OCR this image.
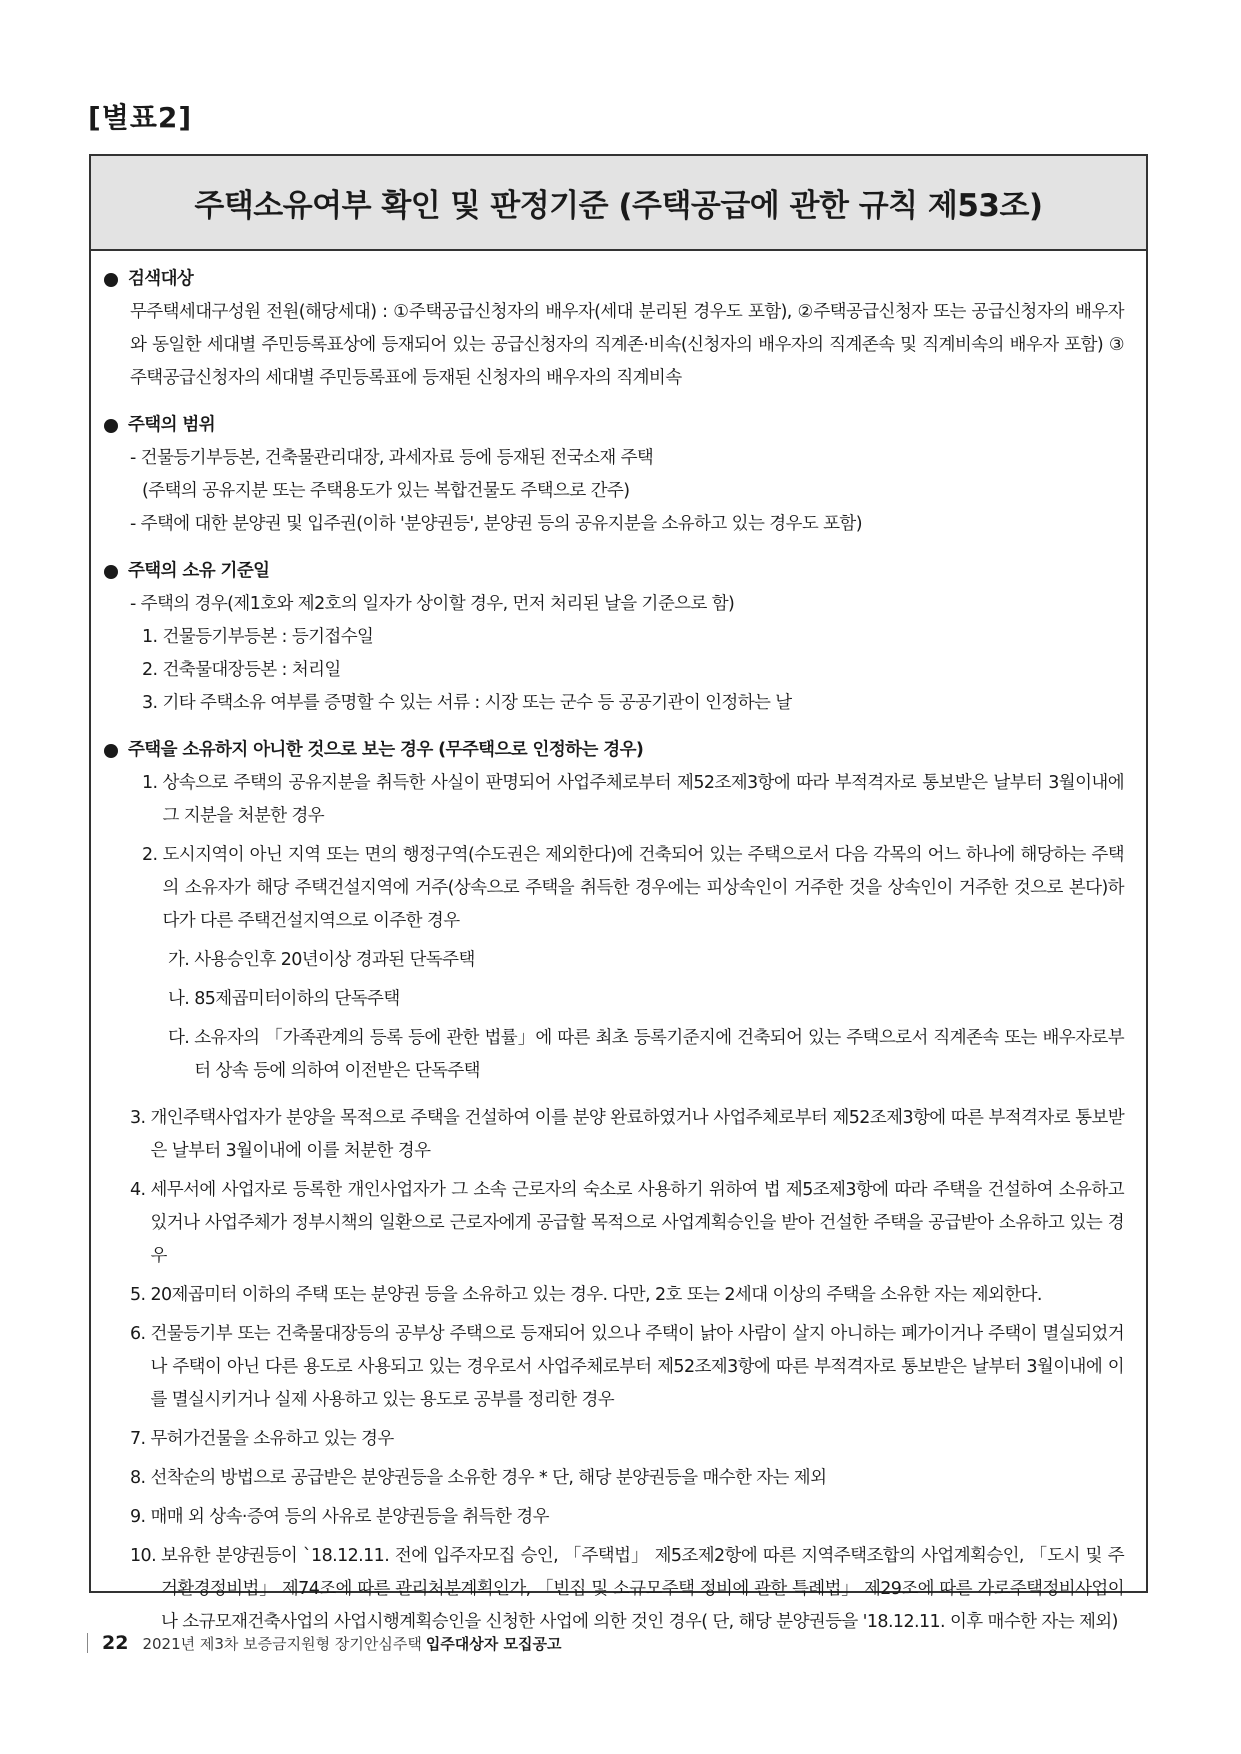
[별표2]
주택소유여부 확인 및 판정기준 (주택공급에 관한 규칙 제53조)
검색대상
무주택세대구성원 전원(해당세대) : ①주택공급신청자의 배우자(세대 분리된 경우도 포함), ②주택공급신청자 또는 공급신청자의 배우자와 동일한 세대별 주민등록표상에 등재되어 있는 공급신청자의 직계존·비속(신청자의 배우자의 직계존속 및 직계비속의 배우자 포함) ③주택공급신청자의 세대별 주민등록표에 등재된 신청자의 배우자의 직계비속
주택의 범위
- 건물등기부등본, 건축물관리대장, 과세자료 등에 등재된 전국소재 주택
(주택의 공유지분 또는 주택용도가 있는 복합건물도 주택으로 간주)
- 주택에 대한 분양권 및 입주권(이하 '분양권등', 분양권 등의 공유지분을 소유하고 있는 경우도 포함)
주택의 소유 기준일
- 주택의 경우(제1호와 제2호의 일자가 상이할 경우, 먼저 처리된 날을 기준으로 함)
1. 건물등기부등본 : 등기접수일
2. 건축물대장등본 : 처리일
3. 기타 주택소유 여부를 증명할 수 있는 서류 : 시장 또는 군수 등 공공기관이 인정하는 날
주택을 소유하지 아니한 것으로 보는 경우 (무주택으로 인정하는 경우)
1. 상속으로 주택의 공유지분을 취득한 사실이 판명되어 사업주체로부터 제52조제3항에 따라 부적격자로 통보받은 날부터 3월이내에 그 지분을 처분한 경우
2. 도시지역이 아닌 지역 또는 면의 행정구역(수도권은 제외한다)에 건축되어 있는 주택으로서 다음 각목의 어느 하나에 해당하는 주택의 소유자가 해당 주택건설지역에 거주(상속으로 주택을 취득한 경우에는 피상속인이 거주한 것을 상속인이 거주한 것으로 본다)하다가 다른 주택건설지역으로 이주한 경우
가. 사용승인후 20년이상 경과된 단독주택
나. 85제곱미터이하의 단독주택
다. 소유자의 「가족관계의 등록 등에 관한 법률」에 따른 최초 등록기준지에 건축되어 있는 주택으로서 직계존속 또는 배우자로부터 상속 등에 의하여 이전받은 단독주택
3. 개인주택사업자가 분양을 목적으로 주택을 건설하여 이를 분양 완료하였거나 사업주체로부터 제52조제3항에 따른 부적격자로 통보받은 날부터 3월이내에 이를 처분한 경우
4. 세무서에 사업자로 등록한 개인사업자가 그 소속 근로자의 숙소로 사용하기 위하여 법 제5조제3항에 따라 주택을 건설하여 소유하고 있거나 사업주체가 정부시책의 일환으로 근로자에게 공급할 목적으로 사업계획승인을 받아 건설한 주택을 공급받아 소유하고 있는 경우
5. 20제곱미터 이하의 주택 또는 분양권 등을 소유하고 있는 경우. 다만, 2호 또는 2세대 이상의 주택을 소유한 자는 제외한다.
6. 건물등기부 또는 건축물대장등의 공부상 주택으로 등재되어 있으나 주택이 낡아 사람이 살지 아니하는 폐가이거나 주택이 멸실되었거나 주택이 아닌 다른 용도로 사용되고 있는 경우로서 사업주체로부터 제52조제3항에 따른 부적격자로 통보받은 날부터 3월이내에 이를 멸실시키거나 실제 사용하고 있는 용도로 공부를 정리한 경우
7. 무허가건물을 소유하고 있는 경우
8. 선착순의 방법으로 공급받은 분양권등을 소유한 경우 * 단, 해당 분양권등을 매수한 자는 제외
9. 매매 외 상속·증여 등의 사유로 분양권등을 취득한 경우
10. 보유한 분양권등이 `18.12.11. 전에 입주자모집 승인, 「주택법」 제5조제2항에 따른 지역주택조합의 사업계획승인, 「도시 및 주거환경정비법」 제74조에 따른 관리처분계획인가, 「빈집 및 소규모주택 정비에 관한 특례법」 제29조에 따른 가로주택정비사업이나 소규모재건축사업의 사업시행계획승인을 신청한 사업에 의한 것인 경우( 단, 해당 분양권등을 '18.12.11. 이후 매수한 자는 제외)
22 2021년 제3차 보증금지원형 장기안심주택 입주대상자 모집공고
